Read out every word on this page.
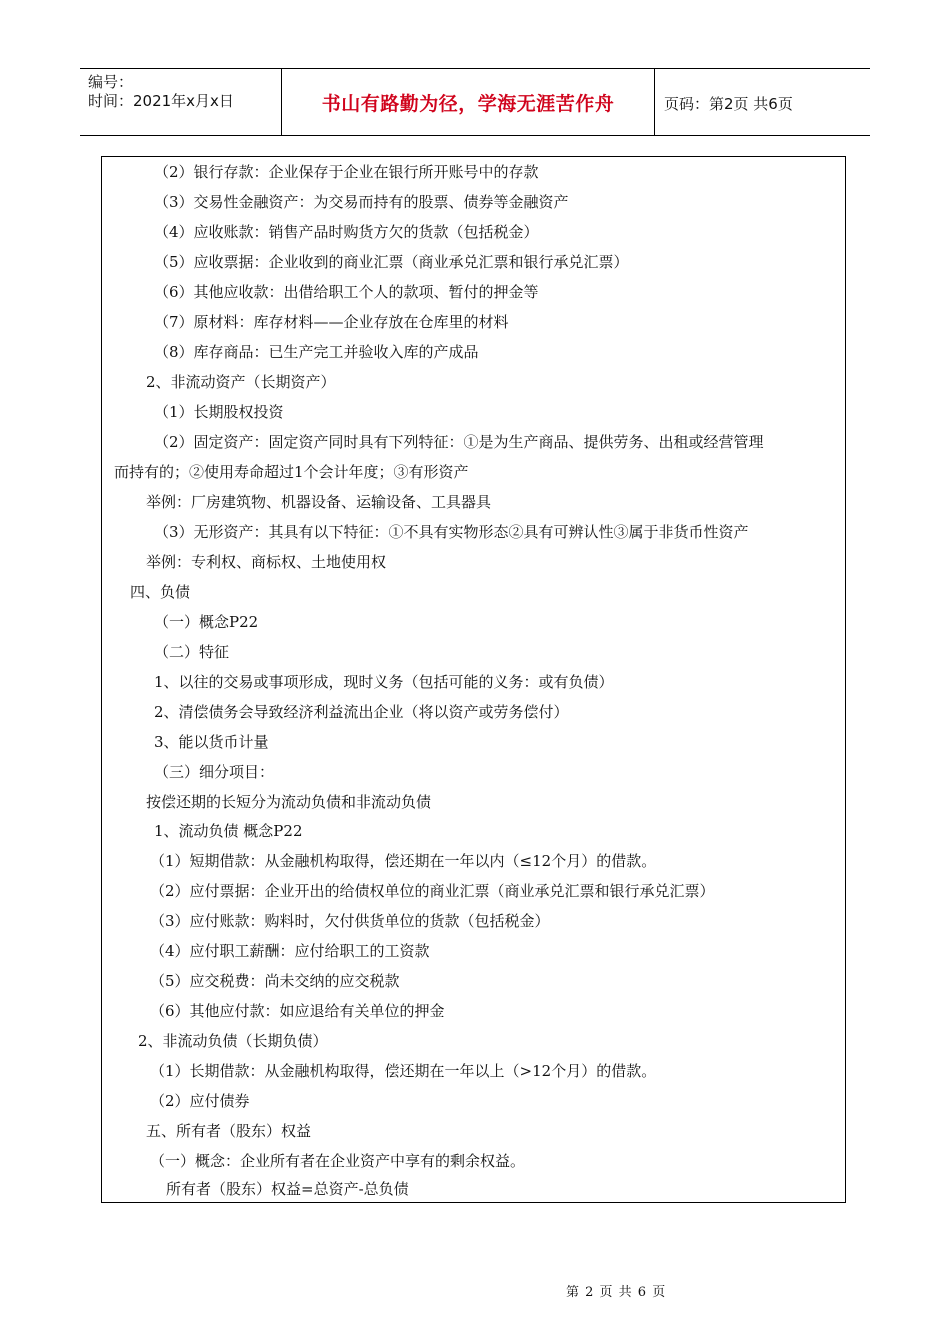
编号：
时间：2021年x月x日	书山有路勤为径，学海无涯苦作舟	页码：第2页 共6页
（2）银行存款：企业保存于企业在银行所开账号中的存款
（3）交易性金融资产：为交易而持有的股票、债券等金融资产
（4）应收账款：销售产品时购货方欠的货款（包括税金）
（5）应收票据：企业收到的商业汇票（商业承兑汇票和银行承兑汇票）
（6）其他应收款：出借给职工个人的款项、暂付的押金等
（7）原材料：库存材料——企业存放在仓库里的材料
（8）库存商品：已生产完工并验收入库的产成品
2、非流动资产（长期资产）
（1）长期股权投资
（2）固定资产：固定资产同时具有下列特征：①是为生产商品、提供劳务、出租或经营管理
而持有的；②使用寿命超过1个会计年度；③有形资产
举例：厂房建筑物、机器设备、运输设备、工具器具
（3）无形资产：其具有以下特征：①不具有实物形态②具有可辨认性③属于非货币性资产
举例：专利权、商标权、土地使用权
四、负债
（一）概念P22
（二）特征
1、以往的交易或事项形成，现时义务（包括可能的义务：或有负债）
2、清偿债务会导致经济利益流出企业（将以资产或劳务偿付）
3、能以货币计量
（三）细分项目：
按偿还期的长短分为流动负债和非流动负债
1、流动负债 概念P22
（1）短期借款：从金融机构取得，偿还期在一年以内（≤12个月）的借款。
（2）应付票据：企业开出的给债权单位的商业汇票（商业承兑汇票和银行承兑汇票）
（3）应付账款：购料时，欠付供货单位的货款（包括税金）
（4）应付职工薪酬：应付给职工的工资款
（5）应交税费：尚未交纳的应交税款
（6）其他应付款：如应退给有关单位的押金
2、非流动负债（长期负债）
（1）长期借款：从金融机构取得，偿还期在一年以上（>12个月）的借款。
（2）应付债券
五、所有者（股东）权益
（一）概念：企业所有者在企业资产中享有的剩余权益。
所有者（股东）权益=总资产-总负债
第 2 页 共 6 页
